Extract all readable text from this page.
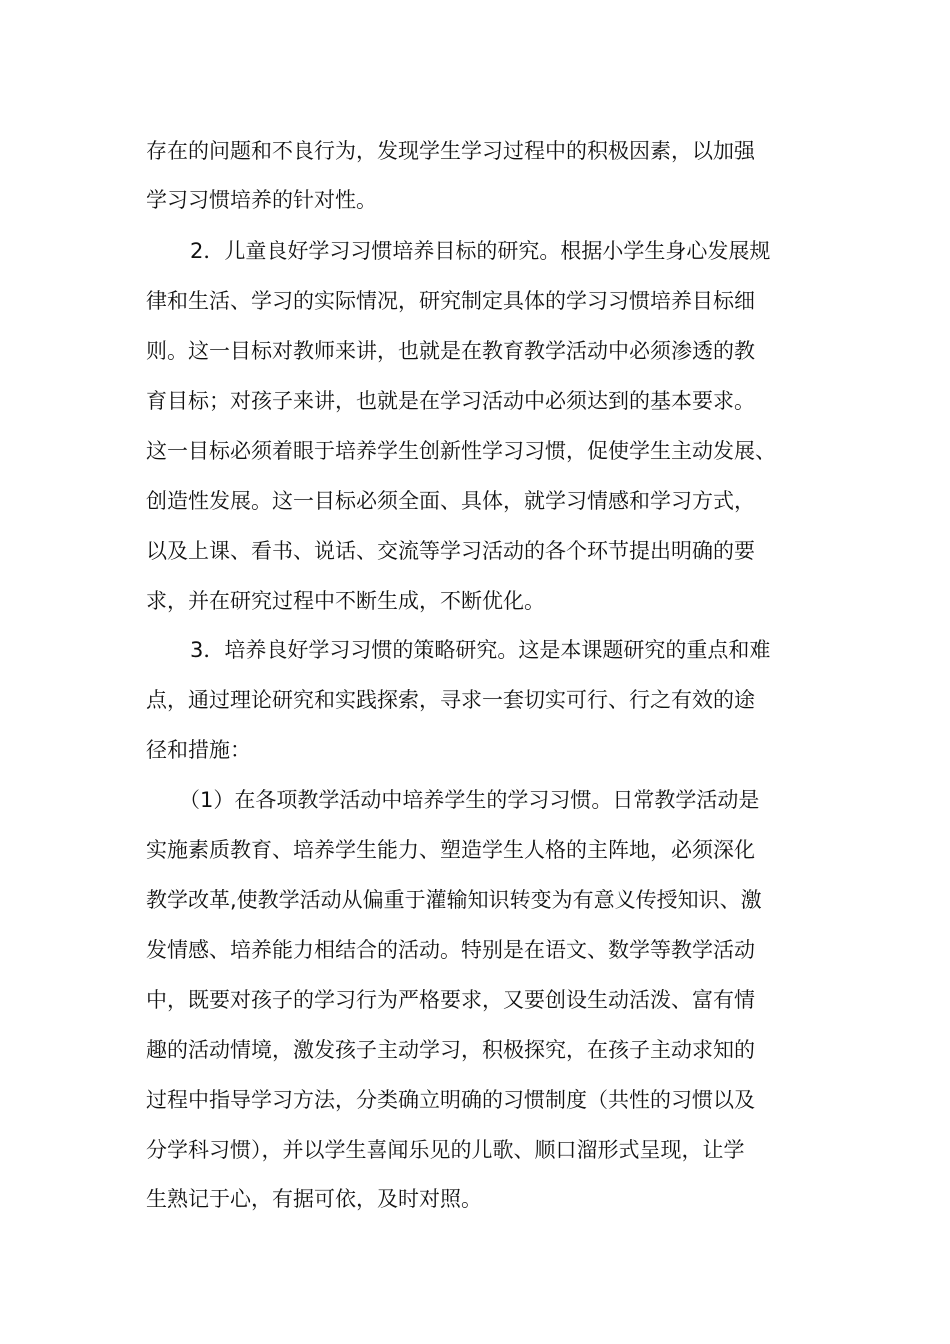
存在的问题和不良行为，发现学生学习过程中的积极因素，以加强
学习习惯培养的针对性。
2．儿童良好学习习惯培养目标的研究。根据小学生身心发展规
律和生活、学习的实际情况，研究制定具体的学习习惯培养目标细
则。这一目标对教师来讲，也就是在教育教学活动中必须渗透的教
育目标；对孩子来讲，也就是在学习活动中必须达到的基本要求。
这一目标必须着眼于培养学生创新性学习习惯，促使学生主动发展、
创造性发展。这一目标必须全面、具体，就学习情感和学习方式，
以及上课、看书、说话、交流等学习活动的各个环节提出明确的要
求，并在研究过程中不断生成，不断优化。
3．培养良好学习习惯的策略研究。这是本课题研究的重点和难
点，通过理论研究和实践探索，寻求一套切实可行、行之有效的途
径和措施：
（1）在各项教学活动中培养学生的学习习惯。日常教学活动是
实施素质教育、培养学生能力、塑造学生人格的主阵地，必须深化
教学改革,使教学活动从偏重于灌输知识转变为有意义传授知识、激
发情感、培养能力相结合的活动。特别是在语文、数学等教学活动
中，既要对孩子的学习行为严格要求，又要创设生动活泼、富有情
趣的活动情境，激发孩子主动学习，积极探究，在孩子主动求知的
过程中指导学习方法，分类确立明确的习惯制度（共性的习惯以及
分学科习惯），并以学生喜闻乐见的儿歌、顺口溜形式呈现，让学
生熟记于心，有据可依，及时对照。
